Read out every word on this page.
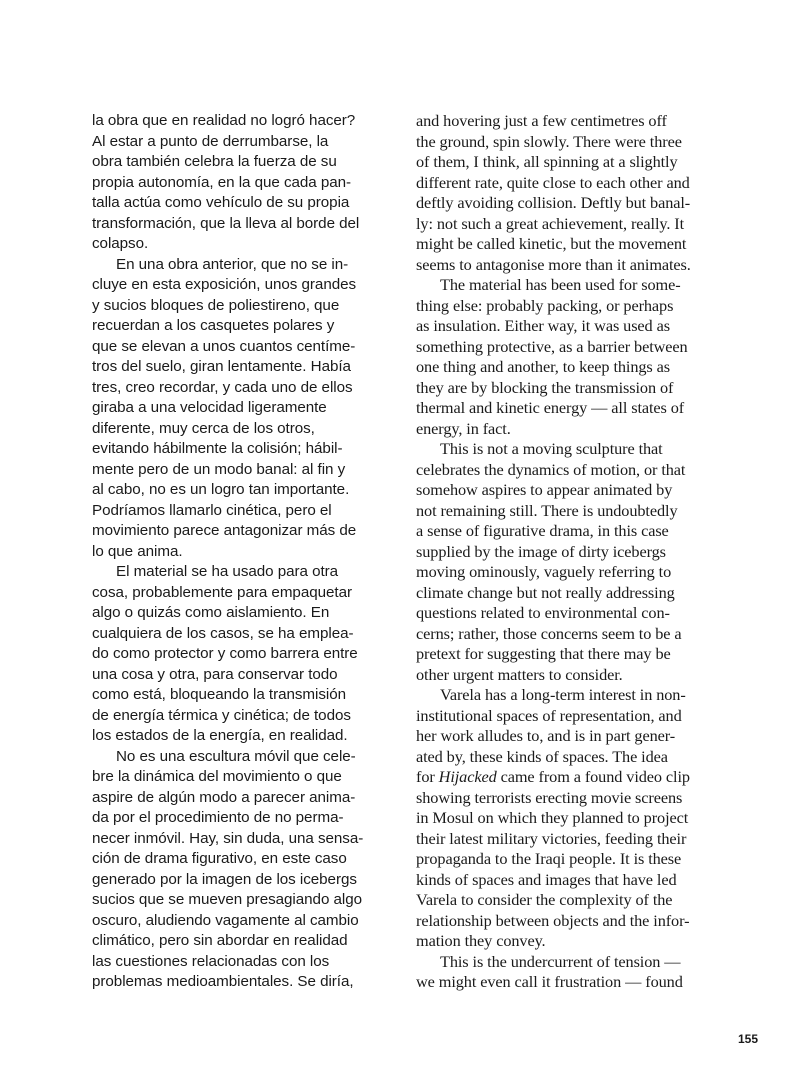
la obra que en realidad no logró hacer?
Al estar a punto de derrumbarse, la
obra también celebra la fuerza de su
propia autonomía, en la que cada pan-
talla actúa como vehículo de su propia
transformación, que la lleva al borde del
colapso.
En una obra anterior, que no se in-
cluye en esta exposición, unos grandes
y sucios bloques de poliestireno, que
recuerdan a los casquetes polares y
que se elevan a unos cuantos centíme-
tros del suelo, giran lentamente. Había
tres, creo recordar, y cada uno de ellos
giraba a una velocidad ligeramente
diferente, muy cerca de los otros,
evitando hábilmente la colisión; hábil-
mente pero de un modo banal: al fin y
al cabo, no es un logro tan importante.
Podríamos llamarlo cinética, pero el
movimiento parece antagonizar más de
lo que anima.
El material se ha usado para otra
cosa, probablemente para empaquetar
algo o quizás como aislamiento. En
cualquiera de los casos, se ha emplea-
do como protector y como barrera entre
una cosa y otra, para conservar todo
como está, bloqueando la transmisión
de energía térmica y cinética; de todos
los estados de la energía, en realidad.
No es una escultura móvil que cele-
bre la dinámica del movimiento o que
aspire de algún modo a parecer anima-
da por el procedimiento de no perma-
necer inmóvil. Hay, sin duda, una sensa-
ción de drama figurativo, en este caso
generado por la imagen de los icebergs
sucios que se mueven presagiando algo
oscuro, aludiendo vagamente al cambio
climático, pero sin abordar en realidad
las cuestiones relacionadas con los
problemas medioambientales. Se diría,
and hovering just a few centimetres off
the ground, spin slowly. There were three
of them, I think, all spinning at a slightly
different rate, quite close to each other and
deftly avoiding collision. Deftly but banal-
ly: not such a great achievement, really. It
might be called kinetic, but the movement
seems to antagonise more than it animates.
The material has been used for some-
thing else: probably packing, or perhaps
as insulation. Either way, it was used as
something protective, as a barrier between
one thing and another, to keep things as
they are by blocking the transmission of
thermal and kinetic energy — all states of
energy, in fact.
This is not a moving sculpture that
celebrates the dynamics of motion, or that
somehow aspires to appear animated by
not remaining still. There is undoubtedly
a sense of figurative drama, in this case
supplied by the image of dirty icebergs
moving ominously, vaguely referring to
climate change but not really addressing
questions related to environmental con-
cerns; rather, those concerns seem to be a
pretext for suggesting that there may be
other urgent matters to consider.
Varela has a long-term interest in non-
institutional spaces of representation, and
her work alludes to, and is in part gener-
ated by, these kinds of spaces. The idea
for Hijacked came from a found video clip
showing terrorists erecting movie screens
in Mosul on which they planned to project
their latest military victories, feeding their
propaganda to the Iraqi people. It is these
kinds of spaces and images that have led
Varela to consider the complexity of the
relationship between objects and the infor-
mation they convey.
This is the undercurrent of tension —
we might even call it frustration — found
155
